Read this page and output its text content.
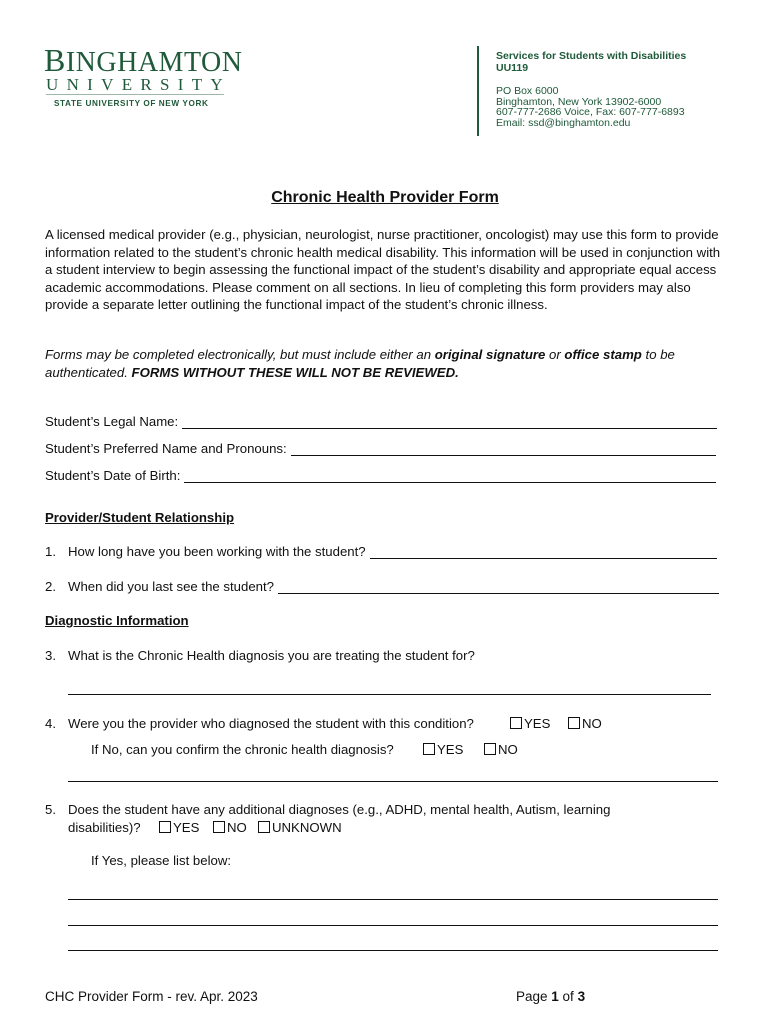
BINGHAMTON
UNIVERSITY
STATE UNIVERSITY OF NEW YORK
Services for Students with Disabilities
UU119
PO Box 6000
Binghamton, New York 13902-6000
607-777-2686 Voice, Fax: 607-777-6893
Email: ssd@binghamton.edu
Chronic Health Provider Form
A licensed medical provider (e.g., physician, neurologist, nurse practitioner, oncologist) may use this form to provide information related to the student’s chronic health medical disability. This information will be used in conjunction with a student interview to begin assessing the functional impact of the student’s disability and appropriate equal access academic accommodations. Please comment on all sections. In lieu of completing this form providers may also provide a separate letter outlining the functional impact of the student’s chronic illness.
Forms may be completed electronically, but must include either an original signature or office stamp to be authenticated. FORMS WITHOUT THESE WILL NOT BE REVIEWED.
Student’s Legal Name:
Student’s Preferred Name and Pronouns:
Student’s Date of Birth:
Provider/Student Relationship
1. How long have you been working with the student?
2. When did you last see the student?
Diagnostic Information
3. What is the Chronic Health diagnosis you are treating the student for?
4. Were you the provider who diagnosed the student with this condition?	YES	NO
If No, can you confirm the chronic health diagnosis?	YES	NO
5. Does the student have any additional diagnoses (e.g., ADHD, mental health, Autism, learning
disabilities)?	YES	NO	UNKNOWN
If Yes, please list below:
CHC Provider Form - rev. Apr. 2023	Page 1 of 3
